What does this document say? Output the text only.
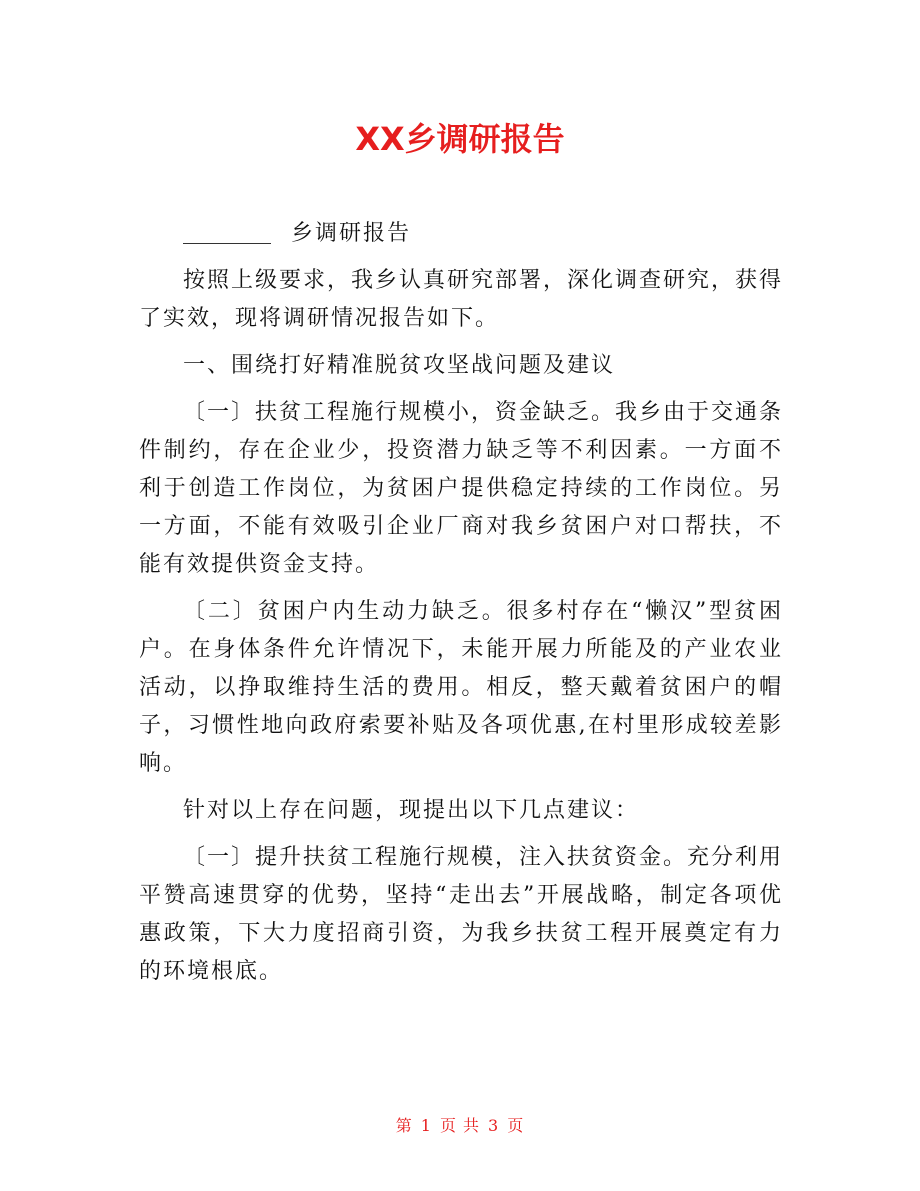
XX乡调研报告

乡调研报告

按照上级要求，我乡认真研究部署，深化调查研究，获得了实效，现将调研情况报告如下。

一、围绕打好精准脱贫攻坚战问题及建议

〔一〕扶贫工程施行规模小，资金缺乏。我乡由于交通条件制约，存在企业少，投资潜力缺乏等不利因素。一方面不利于创造工作岗位，为贫困户提供稳定持续的工作岗位。另一方面，不能有效吸引企业厂商对我乡贫困户对口帮扶，不能有效提供资金支持。

〔二〕贫困户内生动力缺乏。很多村存在“懒汉”型贫困户。在身体条件允许情况下，未能开展力所能及的产业农业活动，以挣取维持生活的费用。相反，整天戴着贫困户的帽子，习惯性地向政府索要补贴及各项优惠,在村里形成较差影响。

针对以上存在问题，现提出以下几点建议：

〔一〕提升扶贫工程施行规模，注入扶贫资金。充分利用平赞高速贯穿的优势，坚持“走出去”开展战略，制定各项优惠政策，下大力度招商引资，为我乡扶贫工程开展奠定有力的环境根底。

第 1 页 共 3 页
